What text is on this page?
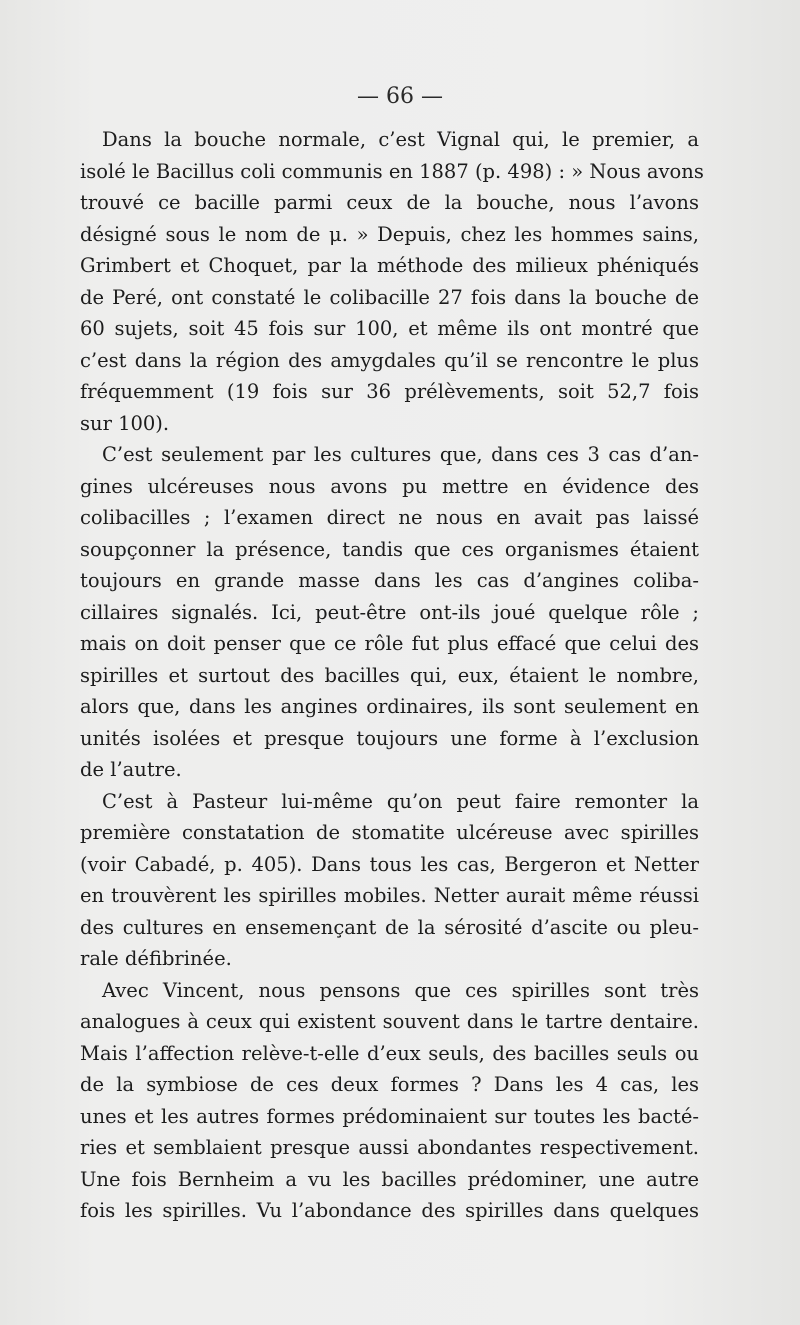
— 66 —
Dans la bouche normale, c’est Vignal qui, le premier, a
isolé le Bacillus coli communis en 1887 (p. 498) : » Nous avons
trouvé ce bacille parmi ceux de la bouche, nous l’avons
désigné sous le nom de μ. » Depuis, chez les hommes sains,
Grimbert et Choquet, par la méthode des milieux phéniqués
de Peré, ont constaté le colibacille 27 fois dans la bouche de
60 sujets, soit 45 fois sur 100, et même ils ont montré que
c’est dans la région des amygdales qu’il se rencontre le plus
fréquemment (19 fois sur 36 prélèvements, soit 52,7 fois
sur 100).
C’est seulement par les cultures que, dans ces 3 cas d’an-
gines ulcéreuses nous avons pu mettre en évidence des
colibacilles ; l’examen direct ne nous en avait pas laissé
soupçonner la présence, tandis que ces organismes étaient
toujours en grande masse dans les cas d’angines coliba-
cillaires signalés. Ici, peut-être ont-ils joué quelque rôle ;
mais on doit penser que ce rôle fut plus effacé que celui des
spirilles et surtout des bacilles qui, eux, étaient le nombre,
alors que, dans les angines ordinaires, ils sont seulement en
unités isolées et presque toujours une forme à l’exclusion
de l’autre.
C’est à Pasteur lui-même qu’on peut faire remonter la
première constatation de stomatite ulcéreuse avec spirilles
(voir Cabadé, p. 405). Dans tous les cas, Bergeron et Netter
en trouvèrent les spirilles mobiles. Netter aurait même réussi
des cultures en ensemençant de la sérosité d’ascite ou pleu-
rale défibrinée.
Avec Vincent, nous pensons que ces spirilles sont très
analogues à ceux qui existent souvent dans le tartre dentaire.
Mais l’affection relève-t-elle d’eux seuls, des bacilles seuls ou
de la symbiose de ces deux formes ? Dans les 4 cas, les
unes et les autres formes prédominaient sur toutes les bacté-
ries et semblaient presque aussi abondantes respectivement.
Une fois Bernheim a vu les bacilles prédominer, une autre
fois les spirilles. Vu l’abondance des spirilles dans quelques
